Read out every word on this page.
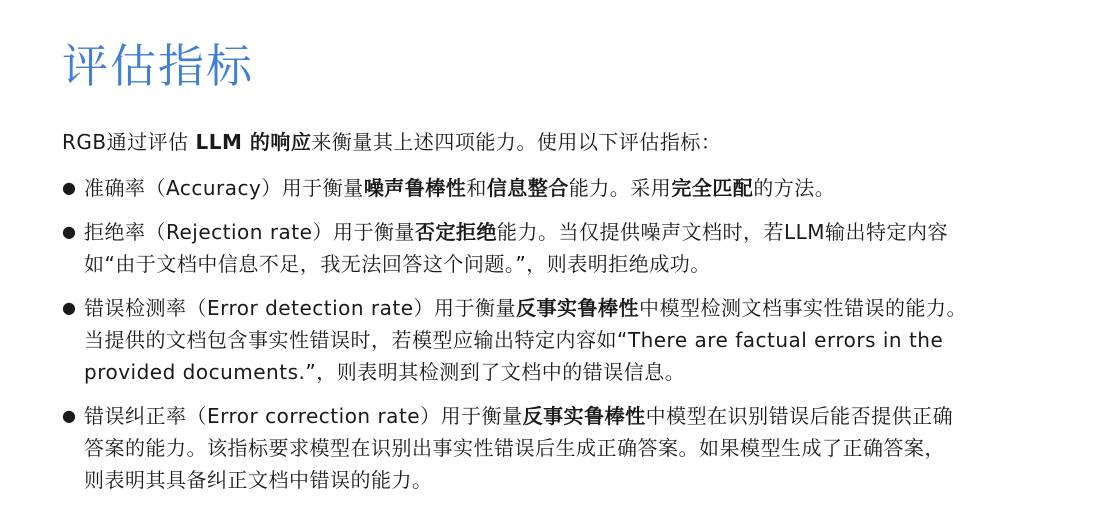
评估指标
RGB通过评估 LLM 的响应来衡量其上述四项能力。使用以下评估指标：
● 准确率（Accuracy）用于衡量噪声鲁棒性和信息整合能力。采用完全匹配的方法。
● 拒绝率（Rejection rate）用于衡量否定拒绝能力。当仅提供噪声文档时，若LLM输出特定内容
如“由于文档中信息不足，我无法回答这个问题。”，则表明拒绝成功。
● 错误检测率（Error detection rate）用于衡量反事实鲁棒性中模型检测文档事实性错误的能力。
当提供的文档包含事实性错误时，若模型应输出特定内容如“There are factual errors in the
provided documents.”，则表明其检测到了文档中的错误信息。
● 错误纠正率（Error correction rate）用于衡量反事实鲁棒性中模型在识别错误后能否提供正确
答案的能力。该指标要求模型在识别出事实性错误后生成正确答案。如果模型生成了正确答案，
则表明其具备纠正文档中错误的能力。
